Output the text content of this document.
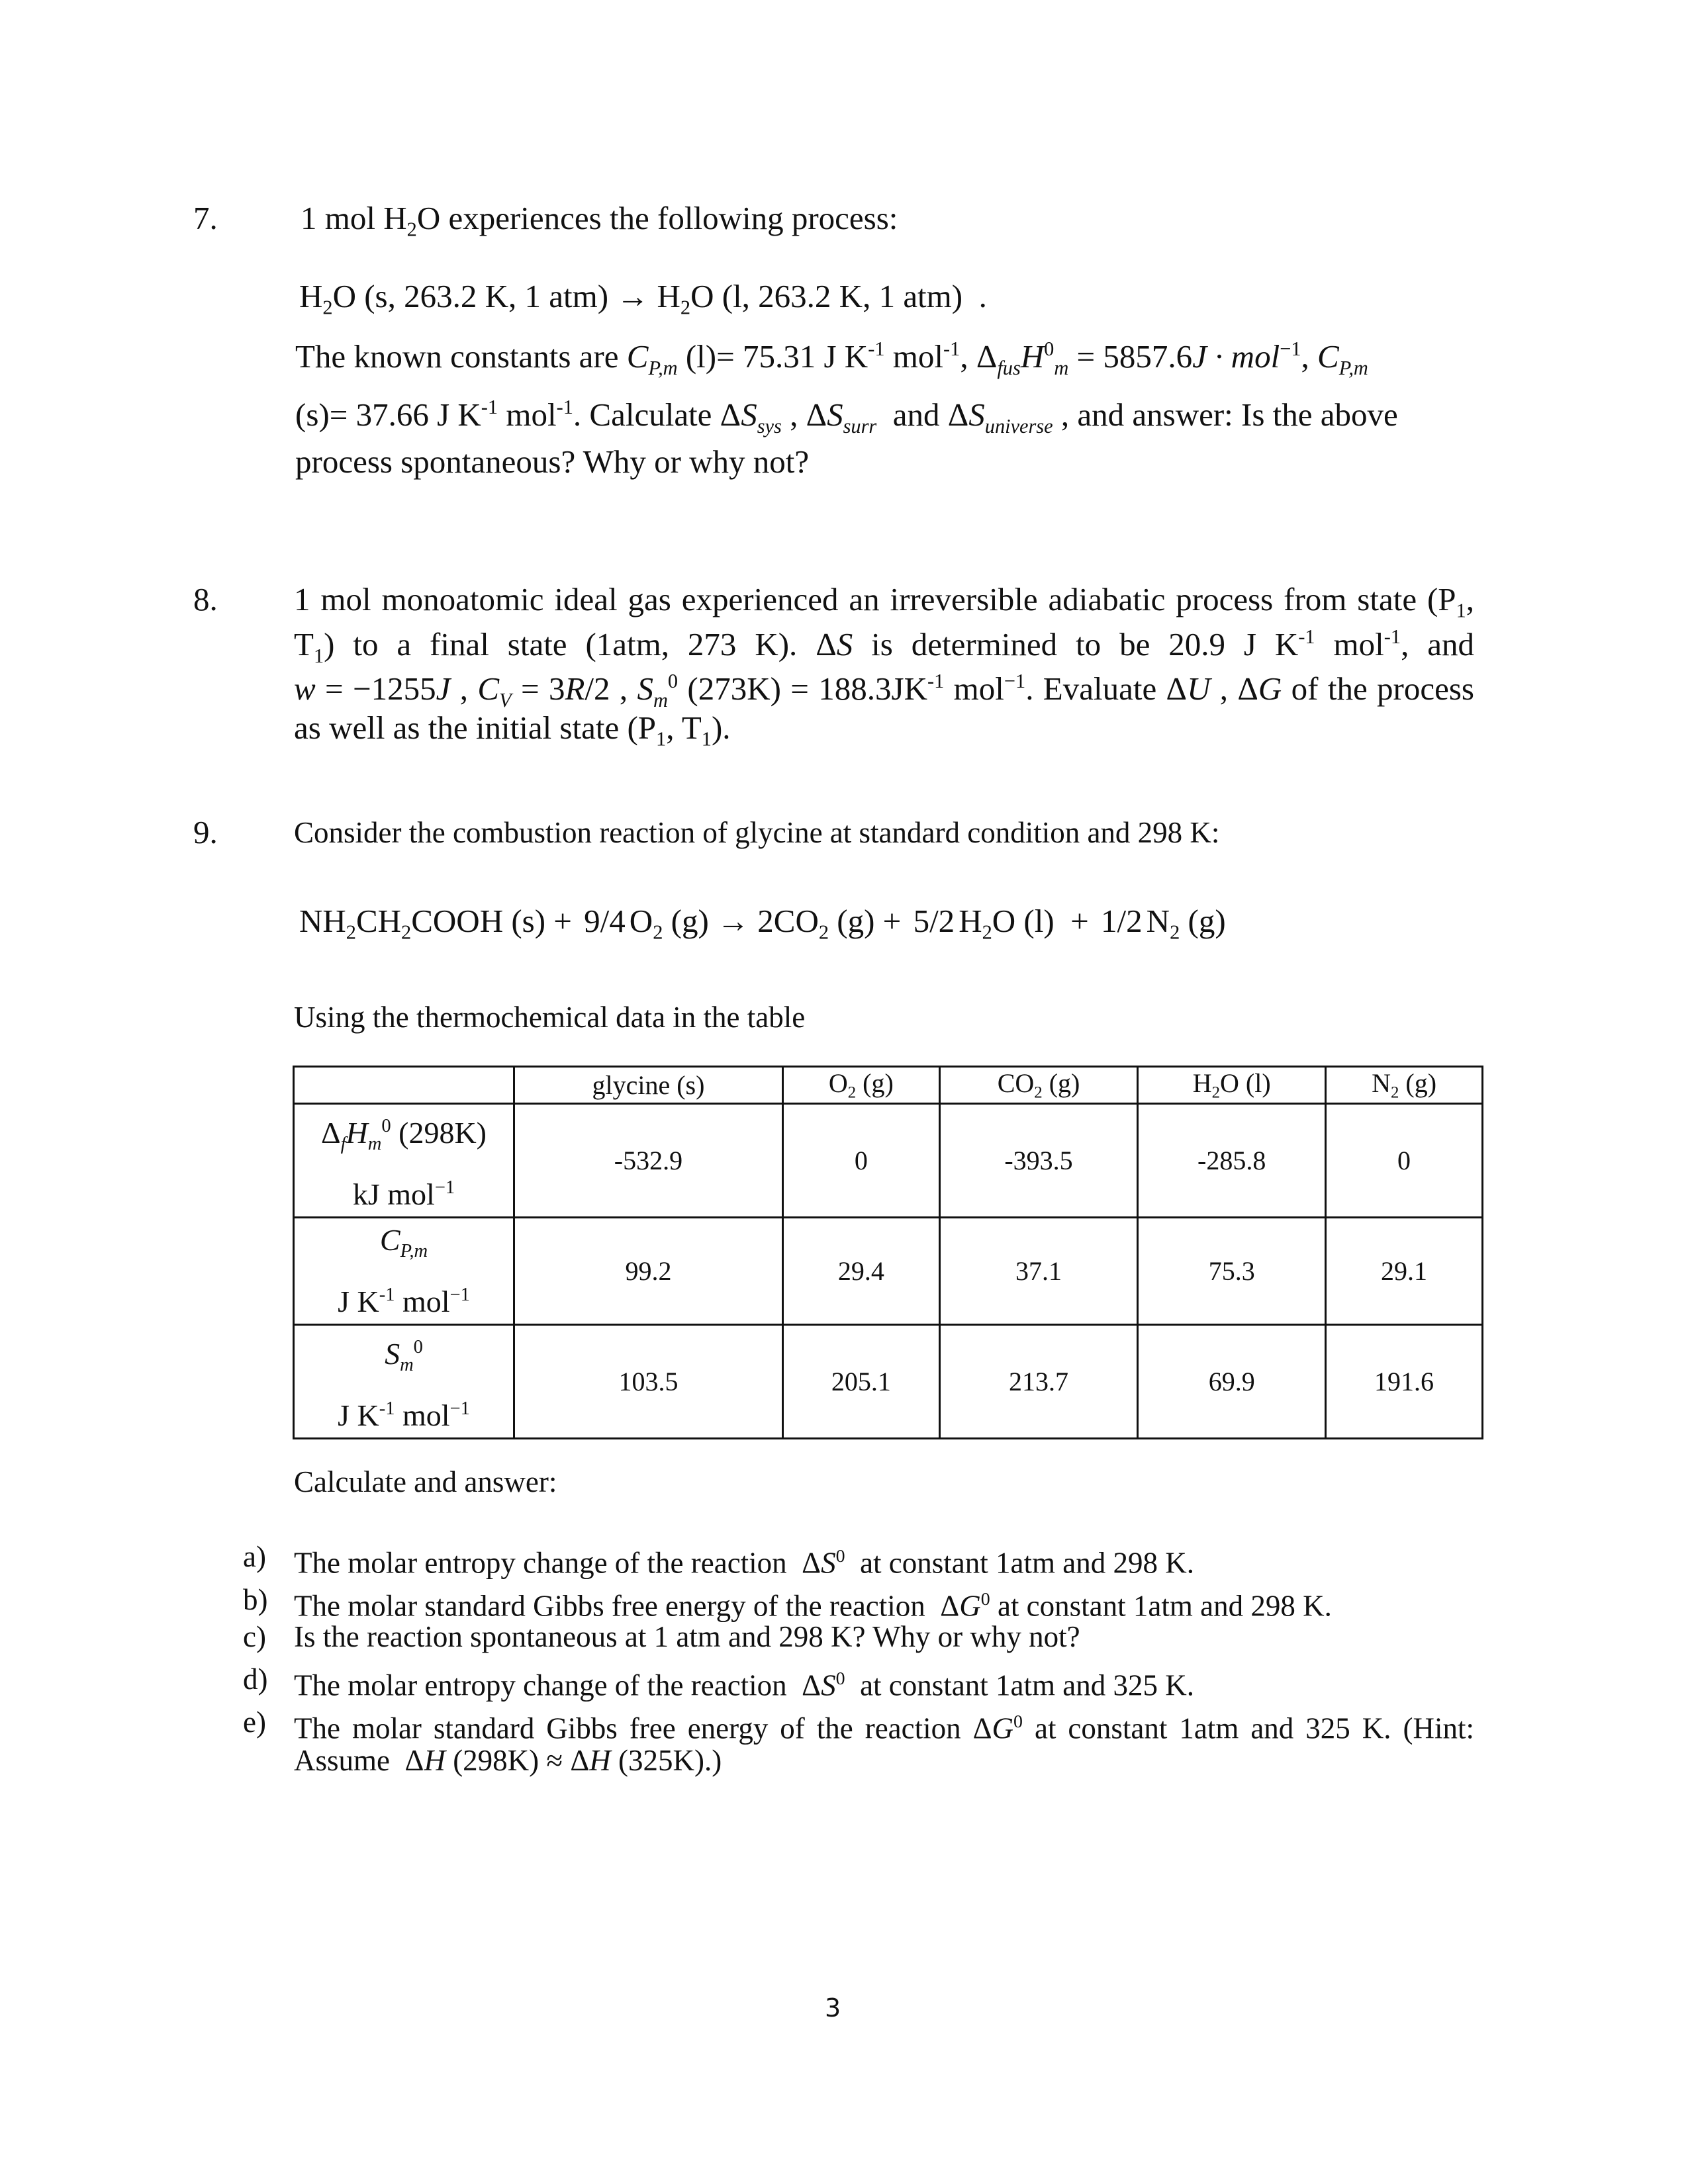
7.	1 mol $H_2O$ experiences the following process:
$H_2O$ (s, 263.2 K, 1 $atm) \to H_2O$ (l, 263.2 K, 1 atm)  .
The known constants are $C_{P,m}$ (l)= 75.31 J $K^{-1}$ mol$^{-1}$, $\Delta_{fus}H^0_m = 5857.6J \cdot mol^{-1}$, $C_{P,m}$
(s)= 37.66 J $K^{-1}$ mol$^{-1}$. Calculate $\Delta S_{sys}$ , $\Delta S_{surr}$  and $\Delta S_{universe}$ , and answer: Is the above
process spontaneous? Why or why not?
8. 1 mol monoatomic ideal gas experienced an irreversible adiabatic process from state ($P_1$,
$T_1$) to a final state (1atm, 273 K). ΔS is determined to be 20.9 J $K^{-1}$ mol$^{-1}$, and
w = −1255J , $C_V = 3R/2$ , $S_m^0$ $(273K) = 188.3JK^{-1}$ mol$^{-1}$. Evaluate ΔU , ΔG of the process
as well as the initial state ($P_1$, $T_1$).
9.	Consider the combustion reaction of glycine at standard condition and 298 K:
$NH_2CH_2COOH$ (s) + 9/4 $O_2$ $(g) \to 2CO_2$ (g) + 5/2 $H_2O$ (l)  + 1/2 $N_2$ (g)
Using the thermochemical data in the table
	glycine (s)	$O_2$ (g)	$CO_2$ (g)	$H_2O$ (l)	$N_2$ (g)
$\Delta_fH_m^0$ (298K)
kJ mol$^{-1}$	-532.9	0	-393.5	-285.8	0
$C_{P,m}$
J $K^{-1}$ mol$^{-1}$	99.2	29.4	37.1	75.3	29.1
$S_m^0$
J $K^{-1}$ mol$^{-1}$	103.5	205.1	213.7	69.9	191.6
Calculate and answer:
a) The molar entropy change of the reaction  $\Delta S^0$  at constant 1atm and 298 K.
b) The molar standard Gibbs free energy of the reaction  $\Delta G^0$ at constant 1atm and 298 K.
c) Is the reaction spontaneous at 1 atm and 298 K? Why or why not?
d) The molar entropy change of the reaction  $\Delta S^0$  at constant 1atm and 325 K.
e) The molar standard Gibbs free energy of the reaction $\Delta G^0$ at constant 1atm and 325 K. (Hint:
Assume  ΔH (298K) ≈ ΔH (325K).)
3
